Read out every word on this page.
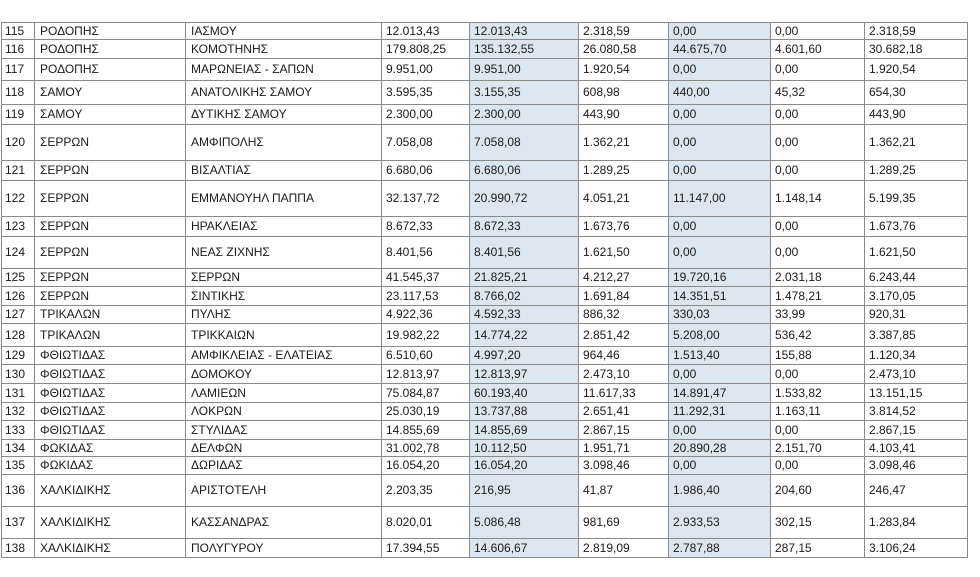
115	ΡΟΔΟΠΗΣ	ΙΑΣΜΟΥ	12.013,43	12.013,43	2.318,59	0,00	0,00	2.318,59
116	ΡΟΔΟΠΗΣ	ΚΟΜΟΤΗΝΗΣ	179.808,25	135.132,55	26.080,58	44.675,70	4.601,60	30.682,18
117	ΡΟΔΟΠΗΣ	ΜΑΡΩΝΕΙΑΣ - ΣΑΠΩΝ	9.951,00	9.951,00	1.920,54	0,00	0,00	1.920,54
118	ΣΑΜΟΥ	ΑΝΑΤΟΛΙΚΗΣ ΣΑΜΟΥ	3.595,35	3.155,35	608,98	440,00	45,32	654,30
119	ΣΑΜΟΥ	ΔΥΤΙΚΗΣ ΣΑΜΟΥ	2.300,00	2.300,00	443,90	0,00	0,00	443,90
120	ΣΕΡΡΩΝ	ΑΜΦΙΠΟΛΗΣ	7.058,08	7.058,08	1.362,21	0,00	0,00	1.362,21
121	ΣΕΡΡΩΝ	ΒΙΣΑΛΤΙΑΣ	6.680,06	6.680,06	1.289,25	0,00	0,00	1.289,25
122	ΣΕΡΡΩΝ	ΕΜΜΑΝΟΥΗΛ ΠΑΠΠΑ	32.137,72	20.990,72	4.051,21	11.147,00	1.148,14	5.199,35
123	ΣΕΡΡΩΝ	ΗΡΑΚΛΕΙΑΣ	8.672,33	8.672,33	1.673,76	0,00	0,00	1.673,76
124	ΣΕΡΡΩΝ	ΝΕΑΣ ΖΙΧΝΗΣ	8.401,56	8.401,56	1.621,50	0,00	0,00	1.621,50
125	ΣΕΡΡΩΝ	ΣΕΡΡΩΝ	41.545,37	21.825,21	4.212,27	19.720,16	2.031,18	6.243,44
126	ΣΕΡΡΩΝ	ΣΙΝΤΙΚΗΣ	23.117,53	8.766,02	1.691,84	14.351,51	1.478,21	3.170,05
127	ΤΡΙΚΑΛΩΝ	ΠΥΛΗΣ	4.922,36	4.592,33	886,32	330,03	33,99	920,31
128	ΤΡΙΚΑΛΩΝ	ΤΡΙΚΚΑΙΩΝ	19.982,22	14.774,22	2.851,42	5.208,00	536,42	3.387,85
129	ΦΘΙΩΤΙΔΑΣ	ΑΜΦΙΚΛΕΙΑΣ - ΕΛΑΤΕΙΑΣ	6.510,60	4.997,20	964,46	1.513,40	155,88	1.120,34
130	ΦΘΙΩΤΙΔΑΣ	ΔΟΜΟΚΟΥ	12.813,97	12.813,97	2.473,10	0,00	0,00	2.473,10
131	ΦΘΙΩΤΙΔΑΣ	ΛΑΜΙΕΩΝ	75.084,87	60.193,40	11.617,33	14.891,47	1.533,82	13.151,15
132	ΦΘΙΩΤΙΔΑΣ	ΛΟΚΡΩΝ	25.030,19	13.737,88	2.651,41	11.292,31	1.163,11	3.814,52
133	ΦΘΙΩΤΙΔΑΣ	ΣΤΥΛΙΔΑΣ	14.855,69	14.855,69	2.867,15	0,00	0,00	2.867,15
134	ΦΩΚΙΔΑΣ	ΔΕΛΦΩΝ	31.002,78	10.112,50	1.951,71	20.890,28	2.151,70	4.103,41
135	ΦΩΚΙΔΑΣ	ΔΩΡΙΔΑΣ	16.054,20	16.054,20	3.098,46	0,00	0,00	3.098,46
136	ΧΑΛΚΙΔΙΚΗΣ	ΑΡΙΣΤΟΤΕΛΗ	2.203,35	216,95	41,87	1.986,40	204,60	246,47
137	ΧΑΛΚΙΔΙΚΗΣ	ΚΑΣΣΑΝΔΡΑΣ	8.020,01	5.086,48	981,69	2.933,53	302,15	1.283,84
138	ΧΑΛΚΙΔΙΚΗΣ	ΠΟΛΥΓΥΡΟΥ	17.394,55	14.606,67	2.819,09	2.787,88	287,15	3.106,24
